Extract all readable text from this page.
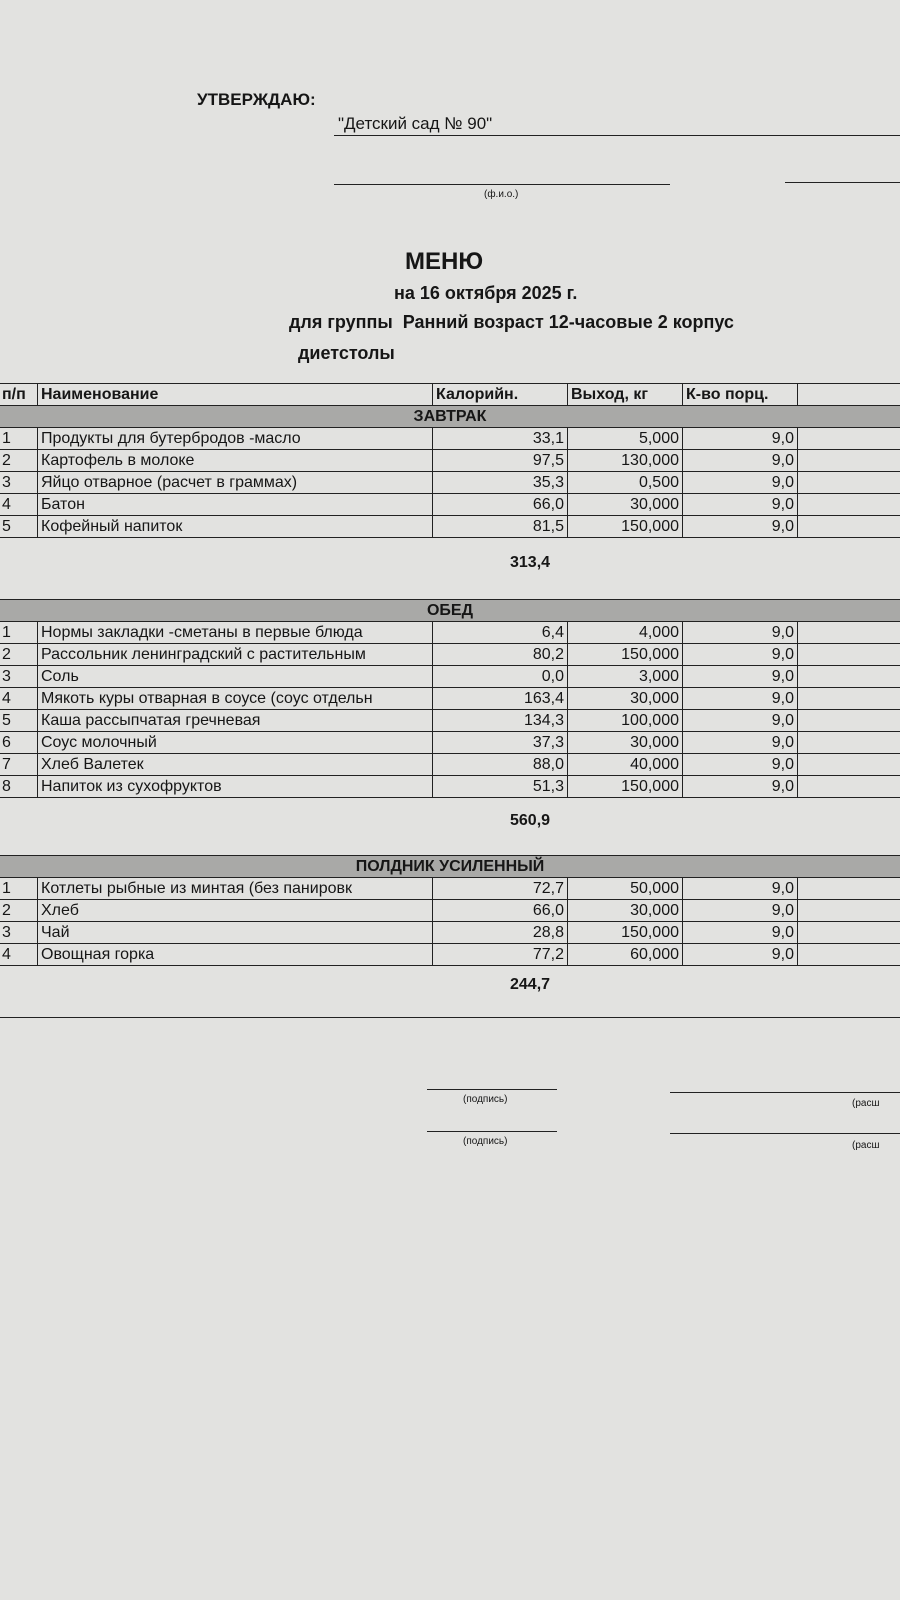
УТВЕРЖДАЮ:
"Детский сад № 90"
(ф.и.о.)
МЕНЮ
на 16 октября 2025 г.
для группы  Ранний возраст 12-часовые 2 корпус
диетстолы
п/п	Наименование	Калорийн.	Выход, кг	К-во порц.	
ЗАВТРАК					
1	Продукты для бутербродов -масло	33,1	5,000	9,0	
2	Картофель в молоке	97,5	130,000	9,0	
3	Яйцо отварное (расчет в граммах)	35,3	0,500	9,0	
4	Батон	66,0	30,000	9,0	
5	Кофейный напиток	81,5	150,000	9,0	
313,4
ОБЕД					
1	Нормы закладки -сметаны в первые блюда	6,4	4,000	9,0	
2	Рассольник ленинградский с растительным	80,2	150,000	9,0	
3	Соль	0,0	3,000	9,0	
4	Мякоть куры отварная в соусе (соус отдельн	163,4	30,000	9,0	
5	Каша рассыпчатая гречневая	134,3	100,000	9,0	
6	Соус молочный	37,3	30,000	9,0	
7	Хлеб Валетек	88,0	40,000	9,0	
8	Напиток из сухофруктов	51,3	150,000	9,0	
560,9
ПОЛДНИК УСИЛЕННЫЙ					
1	Котлеты рыбные из минтая (без панировк	72,7	50,000	9,0	
2	Хлеб	66,0	30,000	9,0	
3	Чай	28,8	150,000	9,0	
4	Овощная горка	77,2	60,000	9,0	
244,7
(подпись)	(расш
(подпись)	(расш
